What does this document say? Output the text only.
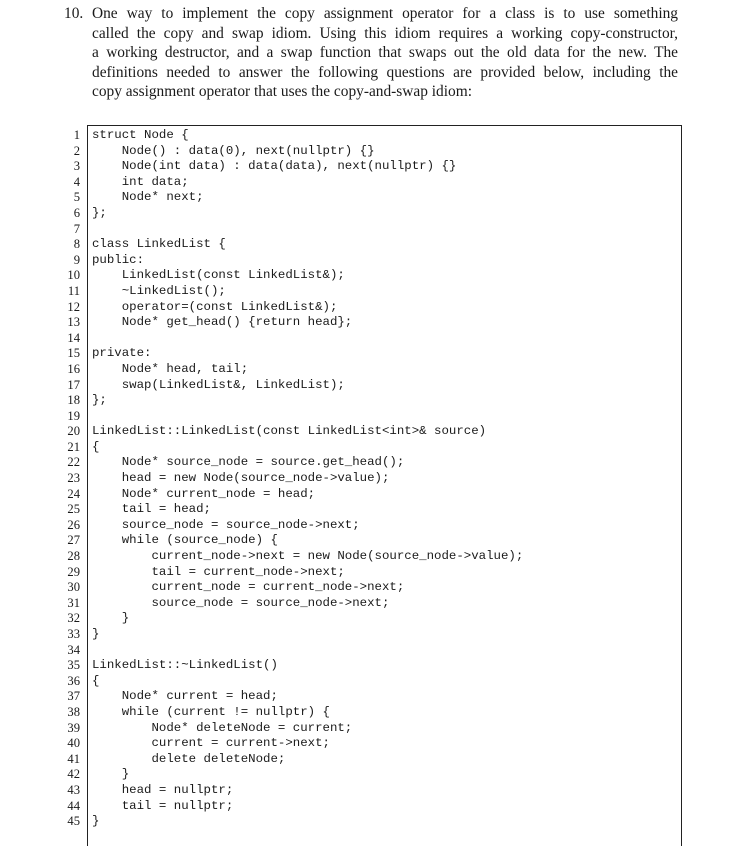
10. One way to implement the copy assignment operator for a class is to use something
called the copy and swap idiom. Using this idiom requires a working copy-constructor,
a working destructor, and a swap function that swaps out the old data for the new. The
definitions needed to answer the following questions are provided below, including the
copy assignment operator that uses the copy-and-swap idiom:
1
2
3
4
5
6
7
8
9
10
11
12
13
14
15
16
17
18
19
20
21
22
23
24
25
26
27
28
29
30
31
32
33
34
35
36
37
38
39
40
41
42
43
44
45
struct Node {
Node() : data(0), next(nullptr) {}
Node(int data) : data(data), next(nullptr) {}
int data;
Node* next;
};
class LinkedList {
public:
LinkedList(const LinkedList&);
~LinkedList();
operator=(const LinkedList&);
Node* get_head() {return head};
private:
Node* head, tail;
swap(LinkedList&, LinkedList);
};
LinkedList::LinkedList(const LinkedList<int>& source)
{
Node* source_node = source.get_head();
head = new Node(source_node->value);
Node* current_node = head;
tail = head;
source_node = source_node->next;
while (source_node) {
current_node->next = new Node(source_node->value);
tail = current_node->next;
current_node = current_node->next;
source_node = source_node->next;
}
}
LinkedList::~LinkedList()
{
Node* current = head;
while (current != nullptr) {
Node* deleteNode = current;
current = current->next;
delete deleteNode;
}
head = nullptr;
tail = nullptr;
}
